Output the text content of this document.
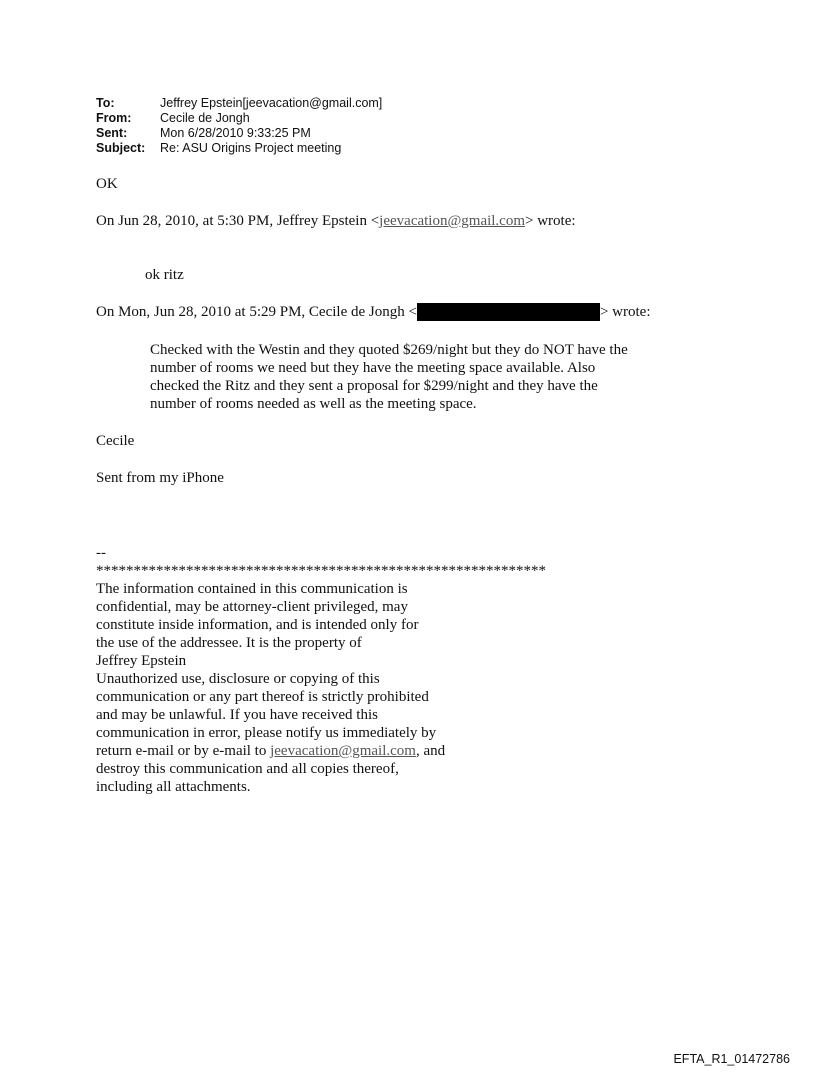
To:	Jeffrey Epstein[jeevacation@gmail.com]
From:	Cecile de Jongh
Sent:	Mon 6/28/2010 9:33:25 PM
Subject:	Re: ASU Origins Project meeting
OK
On Jun 28, 2010, at 5:30 PM, Jeffrey Epstein <jeevacation@gmail.com> wrote:
ok ritz
On Mon, Jun 28, 2010 at 5:29 PM, Cecile de Jongh <	> wrote:
Checked with the Westin and they quoted $269/night but they do NOT have the
number of rooms we need but they have the meeting space available. Also
checked the Ritz and they sent a proposal for $299/night and they have the
number of rooms needed as well as the meeting space.
Cecile
Sent from my iPhone
--
************************************************************
The information contained in this communication is
confidential, may be attorney-client privileged, may
constitute inside information, and is intended only for
the use of the addressee. It is the property of
Jeffrey Epstein
Unauthorized use, disclosure or copying of this
communication or any part thereof is strictly prohibited
and may be unlawful. If you have received this
communication in error, please notify us immediately by
return e-mail or by e-mail to jeevacation@gmail.com, and
destroy this communication and all copies thereof,
including all attachments.
EFTA_R1_01472786
